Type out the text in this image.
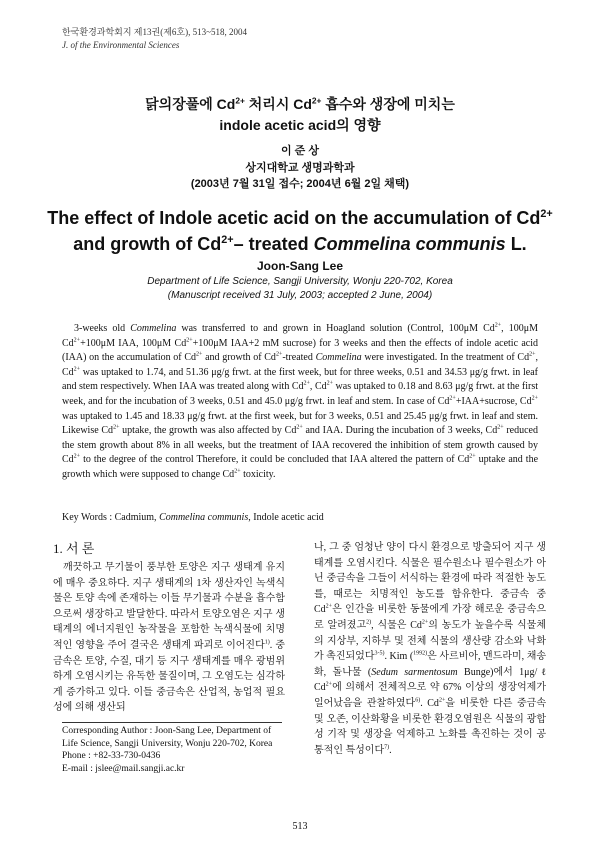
한국환경과학회지 제13권(제6호), 513~518, 2004
J. of the Environmental Sciences
닭의장풀에 $Cd^{2+}$ 처리시 $Cd^{2+}$ 흡수와 생장에 미치는
indole acetic acid의 영향
이 준 상
상지대학교 생명과학과
(2003년 7월 31일 접수; 2004년 6월 2일 채택)
The effect of Indole acetic acid on the accumulation of $Cd^{2+}$
and growth of $Cd^{2+}-$ treated Commelina communis L.
Joon-Sang Lee
Department of Life Science, Sangji University, Wonju 220-702, Korea
(Manuscript received 31 July, 2003; accepted 2 June, 2004)
3-weeks old Commelina was transferred to and grown in Hoagland solution (Control, 100μM $Cd^{2+}$, 100μM $Cd^{2+}+100\mu M$ IAA, 100μM $Cd^{2+}+100\mu M$ IAA+2 mM sucrose) for 3 weeks and then the effects of indole acetic acid (IAA) on the accumulation of $Cd^{2+}$ and growth of $Cd^{2+}$-treated Commelina were investigated. In the treatment of $Cd^{2+}$, $Cd^{2+}$ was uptaked to 1.74, and 51.36 μg/g frwt. at the first week, but for three weeks, 0.51 and 34.53 μg/g frwt. in leaf and stem respectively. When IAA was treated along with $Cd^{2+}$, $Cd^{2+}$ was uptaked to 0.18 and 8.63 μg/g frwt. at the first week, and for the incubation of 3 weeks, 0.51 and 45.0 μg/g frwt. in leaf and stem. In case of $Cd^{2+}+IAA+sucrose$, $Cd^{2+}$ was uptaked to 1.45 and 18.33 μg/g frwt. at the first week, but for 3 weeks, 0.51 and 25.45 μg/g frwt. in leaf and stem. Likewise $Cd^{2+}$ uptake, the growth was also affected by $Cd^{2+}$ and IAA. During the incubation of 3 weeks, $Cd^{2+}$ reduced the stem growth about 8% in all weeks, but the treatment of IAA recovered the inhibition of stem growth caused by $Cd^{2+}$ to the degree of the control Therefore, it could be concluded that IAA altered the pattern of $Cd^{2+}$ uptake and the growth which were supposed to change $Cd^{2+}$ toxicity.
Key Words : Cadmium, Commelina communis, Indole acetic acid
1. 서 론

깨끗하고 무기물이 풍부한 토양은 지구 생태계 유지에 매우 중요하다. 지구 생태계의 1차 생산자인 녹색식물은 토양 속에 존재하는 이들 무기물과 수분을 흡수함으로써 생장하고 발달한다. 따라서 토양오염은 지구 생태계의 에너지원인 농작물을 포함한 녹색식물에 치명적인 영향을 주어 결국은 생태계 파괴로 이어진다$^{1)}$. 중금속은 토양, 수질, 대기 등 지구 생태계를 매우 광범위하게 오염시키는 유독한 물질이며, 그 오염도는 심각하게 증가하고 있다. 이들 중금속은 산업적, 농업적 필요성에 의해 생산되

나, 그 중 엄청난 양이 다시 환경으로 방출되어 지구 생태계를 오염시킨다. 식물은 필수원소나 필수원소가 아닌 중금속을 그들이 서식하는 환경에 따라 적절한 농도를, 때로는 치명적인 농도를 함유한다. 중금속 중 $Cd^{2+}$은 인간을 비롯한 동물에게 가장 해로운 중금속으로 알려졌고$^{2)}$, 식물은 $Cd^{2+}$의 농도가 높을수록 식물체의 지상부, 지하부 및 전체 식물의 생산량 감소와 낙화가 촉진되었다$^{3-5)}$. Kim ($^{1992)}$은 사르비아, 맨드라미, 채송화, 돌나물 (Sedum sarmentosum Bunge)에서 1μg/ℓ $Cd^{2+}$에 의해서 전체적으로 약 67% 이상의 생장억제가 일어났음을 관찰하였다$^{6)}$. $Cd^{2+}$을 비롯한 다른 중금속 및 오존, 이산화황을 비롯한 환경오염원은 식물의 광합성 기작 및 생장을 억제하고 노화를 촉진하는 것이 공통적인 특성이다$^{7)}$.

Corresponding Author : Joon-Sang Lee, Department of Life Science, Sangji University, Wonju 220-702, Korea
Phone : +82-33-730-0436
E-mail : jslee@mail.sangji.ac.kr
513
